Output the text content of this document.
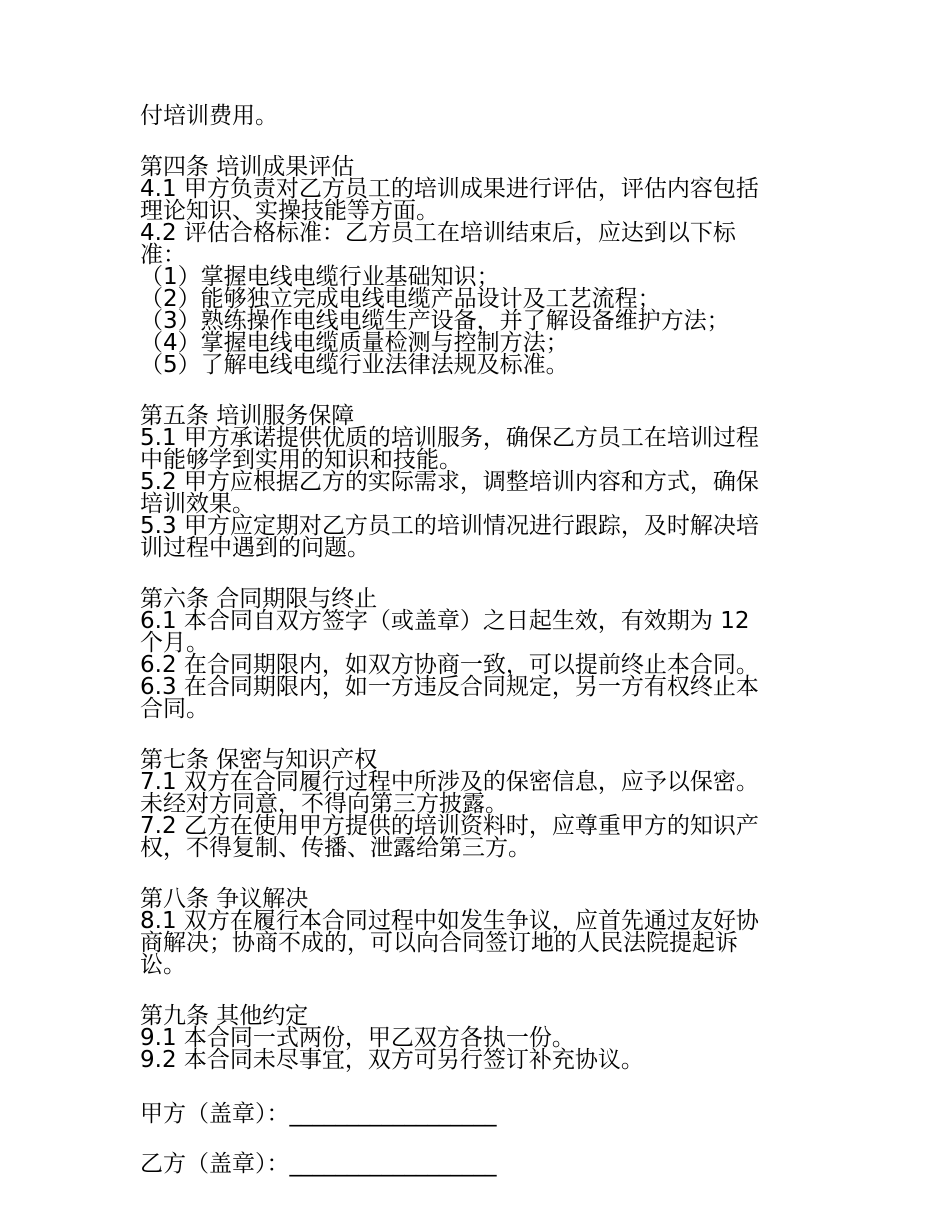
付培训费用。
第四条 培训成果评估
4.1 甲方负责对乙方员工的培训成果进行评估，评估内容包括
理论知识、实操技能等方面。
4.2 评估合格标准：乙方员工在培训结束后，应达到以下标
准：
（1）掌握电线电缆行业基础知识；
（2）能够独立完成电线电缆产品设计及工艺流程；
（3）熟练操作电线电缆生产设备，并了解设备维护方法；
（4）掌握电线电缆质量检测与控制方法；
（5）了解电线电缆行业法律法规及标准。
第五条 培训服务保障
5.1 甲方承诺提供优质的培训服务，确保乙方员工在培训过程
中能够学到实用的知识和技能。
5.2 甲方应根据乙方的实际需求，调整培训内容和方式，确保
培训效果。
5.3 甲方应定期对乙方员工的培训情况进行跟踪，及时解决培
训过程中遇到的问题。
第六条 合同期限与终止
6.1 本合同自双方签字（或盖章）之日起生效，有效期为 12
个月。
6.2 在合同期限内，如双方协商一致，可以提前终止本合同。
6.3 在合同期限内，如一方违反合同规定，另一方有权终止本
合同。
第七条 保密与知识产权
7.1 双方在合同履行过程中所涉及的保密信息，应予以保密。
未经对方同意，不得向第三方披露。
7.2 乙方在使用甲方提供的培训资料时，应尊重甲方的知识产
权，不得复制、传播、泄露给第三方。
第八条 争议解决
8.1 双方在履行本合同过程中如发生争议，应首先通过友好协
商解决；协商不成的，可以向合同签订地的人民法院提起诉
讼。
第九条 其他约定
9.1 本合同一式两份，甲乙双方各执一份。
9.2 本合同未尽事宜，双方可另行签订补充协议。
甲方（盖章）：__________________
乙方（盖章）：__________________
